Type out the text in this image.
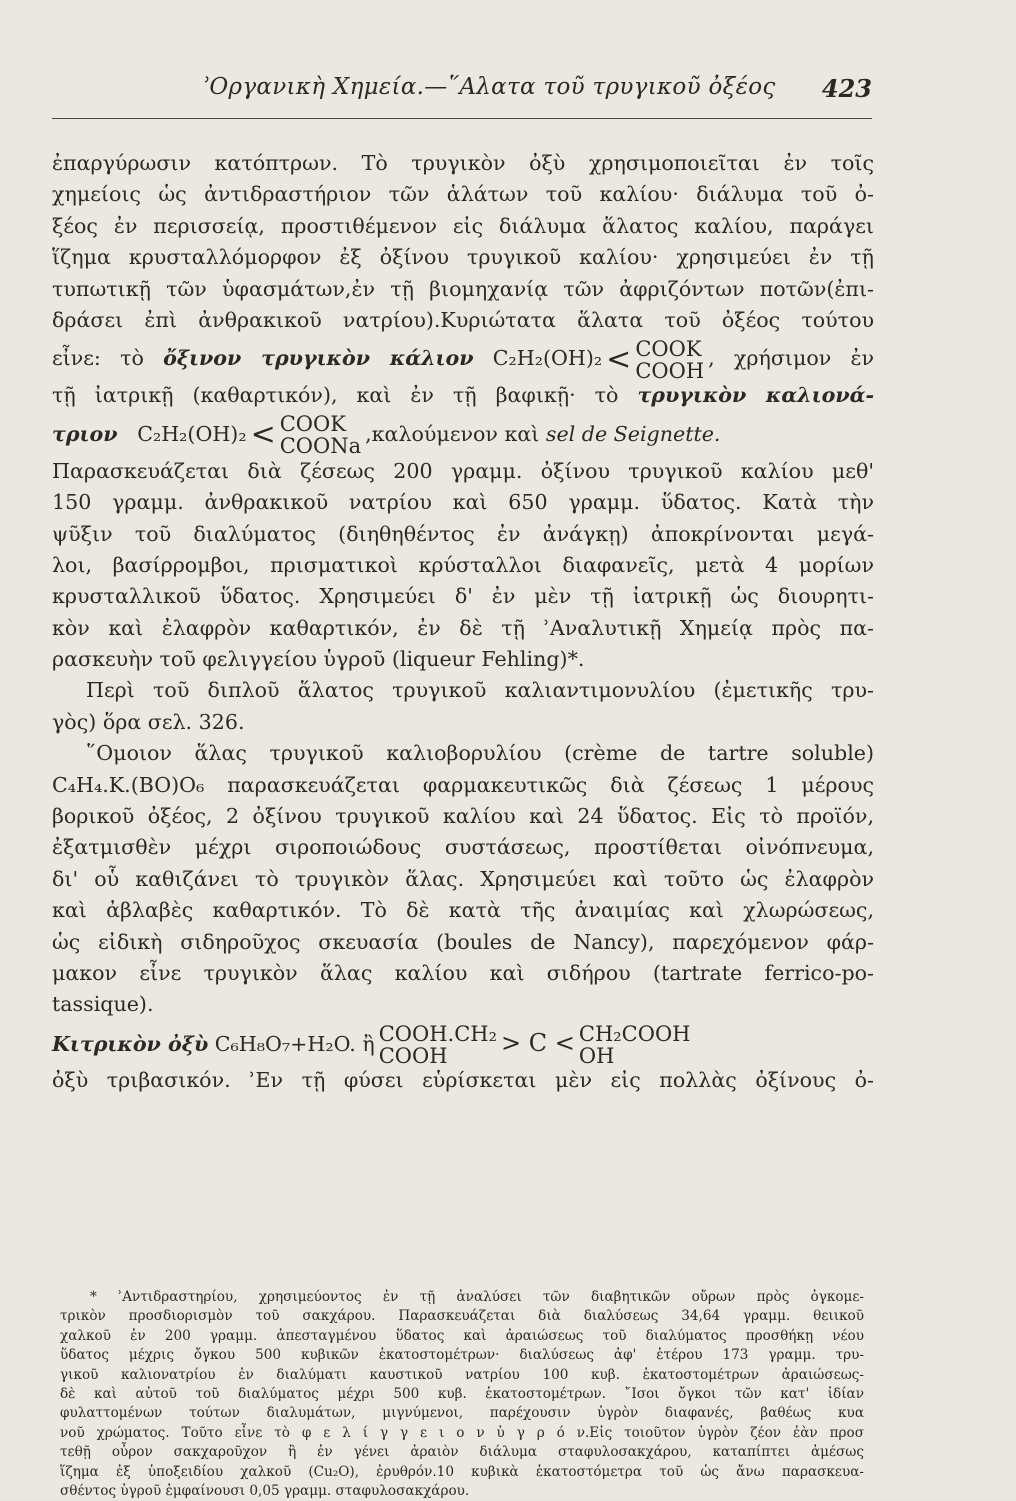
ʾΟργανικὴ Χημεία.—῞Αλατα τοῦ τρυγικοῦ ὀξέος 423
ἐπαργύρωσιν κατόπτρων. Τὸ τρυγικὸν ὀξὺ χρησιμοποιεῖται ἐν τοῖς
χημείοις ὡς ἀντιδραστήριον τῶν ἁλάτων τοῦ καλίου· διάλυμα τοῦ ὀ-
ξέος ἐν περισσείᾳ, προστιθέμενον εἰς διάλυμα ἅλατος καλίου, παράγει
ἵζημα κρυσταλλόμορφον ἐξ ὀξίνου τρυγικοῦ καλίου· χρησιμεύει ἐν τῇ
τυπωτικῇ τῶν ὑφασμάτων,ἐν τῇ βιομηχανίᾳ τῶν ἀφριζόντων ποτῶν(ἐπι-
δράσει ἐπὶ ἀνθρακικοῦ νατρίου).Κυριώτατα ἅλατα τοῦ ὀξέος τούτου
εἶνε: τὸ ὄξινον τρυγικὸν κάλιον C₂H₂(OH)₂ < COOK
COOH
, χρήσιμον ἐν
τῇ ἰατρικῇ (καθαρτικόν), καὶ ἐν τῇ βαφικῇ· τὸ τρυγικὸν καλιονά-
τριον C₂H₂(OH)₂ < COOK
COONa
,καλούμενον καὶ sel de Seignette.
Παρασκευάζεται διὰ ζέσεως 200 γραμμ. ὀξίνου τρυγικοῦ καλίου μεθ'
150 γραμμ. ἀνθρακικοῦ νατρίου καὶ 650 γραμμ. ὕδατος. Κατὰ τὴν
ψῦξιν τοῦ διαλύματος (διηθηθέντος ἐν ἀνάγκῃ) ἀποκρίνονται μεγά-
λοι, βασίρρομβοι, πρισματικοὶ κρύσταλλοι διαφανεῖς, μετὰ 4 μορίων
κρυσταλλικοῦ ὕδατος. Χρησιμεύει δ' ἐν μὲν τῇ ἰατρικῇ ὡς διουρητι-
κὸν καὶ ἐλαφρὸν καθαρτικόν, ἐν δὲ τῇ ʾΑναλυτικῇ Χημείᾳ πρὸς πα-
ρασκευὴν τοῦ φελιγγείου ὑγροῦ (liqueur Fehling)*.
Περὶ τοῦ διπλοῦ ἅλατος τρυγικοῦ καλιαντιμονυλίου (ἐμετικῆς τρυ-
γὸς) ὅρα σελ. 326.
῞Ομοιον ἅλας τρυγικοῦ καλιοβορυλίου (crème de tartre soluble)
C₄H₄.K.(BO)O₆ παρασκευάζεται φαρμακευτικῶς διὰ ζέσεως 1 μέρους
βορικοῦ ὀξέος, 2 ὀξίνου τρυγικοῦ καλίου καὶ 24 ὕδατος. Εἰς τὸ προϊόν,
ἐξατμισθὲν μέχρι σιροποιώδους συστάσεως, προστίθεται οἰνόπνευμα,
δι' οὗ καθιζάνει τὸ τρυγικὸν ἅλας. Χρησιμεύει καὶ τοῦτο ὡς ἐλαφρὸν
καὶ ἀβλαβὲς καθαρτικόν. Τὸ δὲ κατὰ τῆς ἀναιμίας καὶ χλωρώσεως,
ὡς εἰδικὴ σιδηροῦχος σκευασία (boules de Nancy), παρεχόμενον φάρ-
μακον εἶνε τρυγικὸν ἅλας καλίου καὶ σιδήρου (tartrate ferrico-po-
tassique).
Κιτρικὸν ὀξὺ C₆H₈O₇+H₂O. ἢ COOH.CH₂
COOH	> C < CH₂COOH
OH
ὀξὺ τριβασικόν. ʾΕν τῇ φύσει εὑρίσκεται μὲν εἰς πολλὰς ὀξίνους ὀ-
* ʾΑντιδραστηρίου, χρησιμεύοντος ἐν τῇ ἀναλύσει τῶν διαβητικῶν οὔρων πρὸς ὀγκομε-
τρικὸν προσδιορισμὸν τοῦ σακχάρου. Παρασκευάζεται διὰ διαλύσεως 34,64 γραμμ. θειικοῦ
χαλκοῦ ἐν 200 γραμμ. ἀπεσταγμένου ὕδατος καὶ ἀραιώσεως τοῦ διαλύματος προσθήκῃ νέου
ὕδατος μέχρις ὄγκου 500 κυβικῶν ἑκατοστομέτρων· διαλύσεως ἀφ' ἑτέρου 173 γραμμ. τρυ-
γικοῦ καλιονατρίου ἐν διαλύματι καυστικοῦ νατρίου 100 κυβ. ἑκατοστομέτρων ἀραιώσεως-
δὲ καὶ αὐτοῦ τοῦ διαλύματος μέχρι 500 κυβ. ἑκατοστομέτρων. ῎Ισοι ὄγκοι τῶν κατ' ἰδίαν
φυλαττομένων τούτων διαλυμάτων, μιγνύμενοι, παρέχουσιν ὑγρὸν διαφανές, βαθέως κυα
νοῦ χρώματος. Τοῦτο εἶνε τὸ φ ε λ ί γ γ ε ι ο ν ὑ γ ρ ό ν.Εἰς τοιοῦτον ὑγρὸν ζέον ἐὰν προσ
τεθῇ οὖρον σακχαροῦχον ἢ ἐν γένει ἀραιὸν διάλυμα σταφυλοσακχάρου, καταπίπτει ἀμέσως
ἵζημα ἐξ ὑποξειδίου χαλκοῦ (Cu₂O), ἐρυθρόν.10 κυβικὰ ἑκατοστόμετρα τοῦ ὡς ἄνω παρασκευα-
σθέντος ὑγροῦ ἐμφαίνουσι 0,05 γραμμ. σταφυλοσακχάρου.
